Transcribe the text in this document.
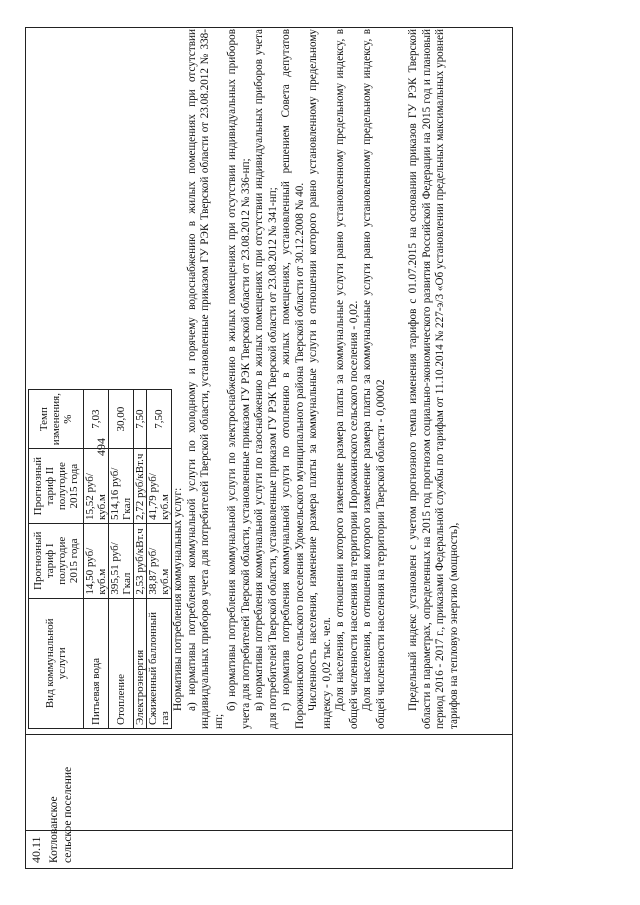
494
40.11 Котлованское сельское поселение
Вид коммунальной услуги	Прогнозный тариф I полугодие 2015 года	Прогнозный тариф II полугодие 2015 года	Темп изменения, %
Питьевая вода	14,50 руб/куб.м	15,52 руб/куб.м	7,03
Отопление	395,51 руб/Гкал	514,16 руб/Гкал	30,00
Электроэнергия	2,53 руб/кВт.ч	2,72 руб/кВт.ч	7,50
Сжиженный баллонный газ	38,87 руб/куб.м	41,79 руб/куб.м	7,50

Нормативы потребления коммунальных услуг: а) нормативы потребления коммунальной услуги по холодному и горячему водоснабжению в жилых помещениях при отсутствии индивидуальных приборов учета для потребителей Тверской области, установленные приказом ГУ РЭК Тверской области от 23.08.2012 № 338-нп;

б) нормативы потребления коммунальной услуги по электроснабжению в жилых помещениях при отсутствии индивидуальных приборов учета для потребителей Тверской области, установленные приказом ГУ РЭК Тверской области от 23.08.2012 № 336-нп; в) нормативы потребления коммунальной услуги по газоснабжению в жилых помещениях при отсутствии индивидуальных приборов учета для потребителей Тверской области, установленные приказом ГУ РЭК Тверской области от 23.08.2012 № 341-нп; г) норматив потребления коммунальной услуги по отоплению в жилых помещениях, установленный решением Совета депутатов Порожкинского сельского поселения Удомельского муниципального района Тверской области от 30.12.2008 № 40. Численность населения, изменение размера платы за коммунальные услуги в отношении которого равно установленному предельному индексу - 0,02 тыс. чел. Доля населения, в отношении которого изменение размера платы за коммунальные услуги равно установленному предельному индексу, в общей численности населения на территории Порожкинского сельского поселения - 0,02. Доля населения, в отношении которого изменение размера платы за коммунальные услуги равно установленному предельному индексу, в общей численности населения на территории Тверской области - 0,00002 Предельный индекс установлен с учетом прогнозного темпа изменения тарифов с 01.07.2015 на основании приказов ГУ РЭК Тверской области в параметрах, определенных на 2015 год прогнозом социально-экономического развития Российской Федерации на 2015 год и плановый период 2016 - 2017 г., приказами Федеральной службы по тарифам от 11.10.2014 № 227-э/3 «Об установлении предельных максимальных уровней тарифов на тепловую энергию (мощность),
